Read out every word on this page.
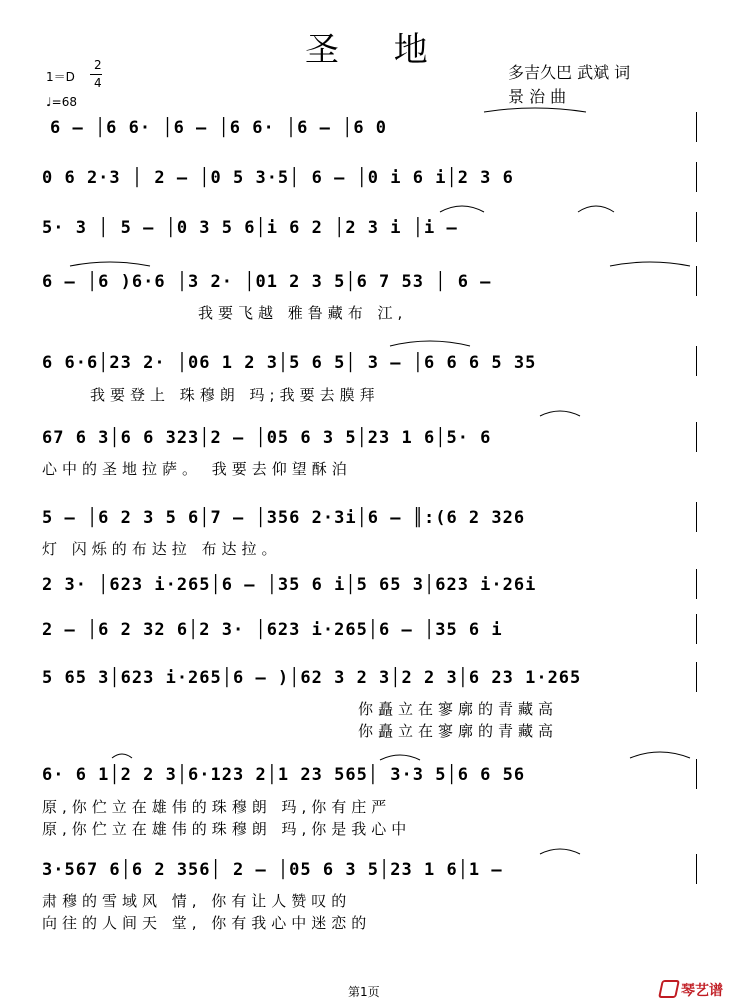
圣 地
1＝D
2
4
♩=68
多吉久巴 武斌 词
景 治 曲
6 – │6 6· │6 – │6 6· │6 – │6 0
0 6 2·3 │ 2 – │0 5 3·5│ 6 – │0 i 6 i│2 3 6
5· 3 │ 5 – │0 3 5 6│i 6 2 │2 3 i │i –
6 – │6 )6·6 │3 2· │01 2 3 5│6 7 53 │ 6 –
我要飞越 雅鲁藏布 江,
6 6·6│23 2· │06 1 2 3│5 6 5│ 3 – │6 6 6 5 35
我要登上 珠穆朗 玛;我要去膜拜
67 6 3│6 6 323│2 – │05 6 3 5│23 1 6│5· 6
心中的圣地拉萨。 我要去仰望酥泊
5 – │6 2 3 5 6│7 – │356 2·3i│6 – ║:(6 2 326
灯 闪烁的布达拉 布达拉。
2 3· │623 i·265│6 – │35 6 i│5 65 3│623 i·26i
2 – │6 2 32 6│2 3· │623 i·265│6 – │35 6 i
5 65 3│623 i·265│6 – )│62 3 2 3│2 2 3│6 23 1·265
你矗立在寥廓的青藏高
你矗立在寥廓的青藏高
6· 6 1│2 2 3│6·123 2│1 23 565│ 3·3 5│6 6 56
原,你伫立在雄伟的珠穆朗 玛,你有庄严
原,你伫立在雄伟的珠穆朗 玛,你是我心中
3·567 6│6 2 356│ 2 – │05 6 3 5│23 1 6│1 –
肃穆的雪域风 情, 你有让人赞叹的
向往的人间天 堂, 你有我心中迷恋的
第1页	琴艺谱
